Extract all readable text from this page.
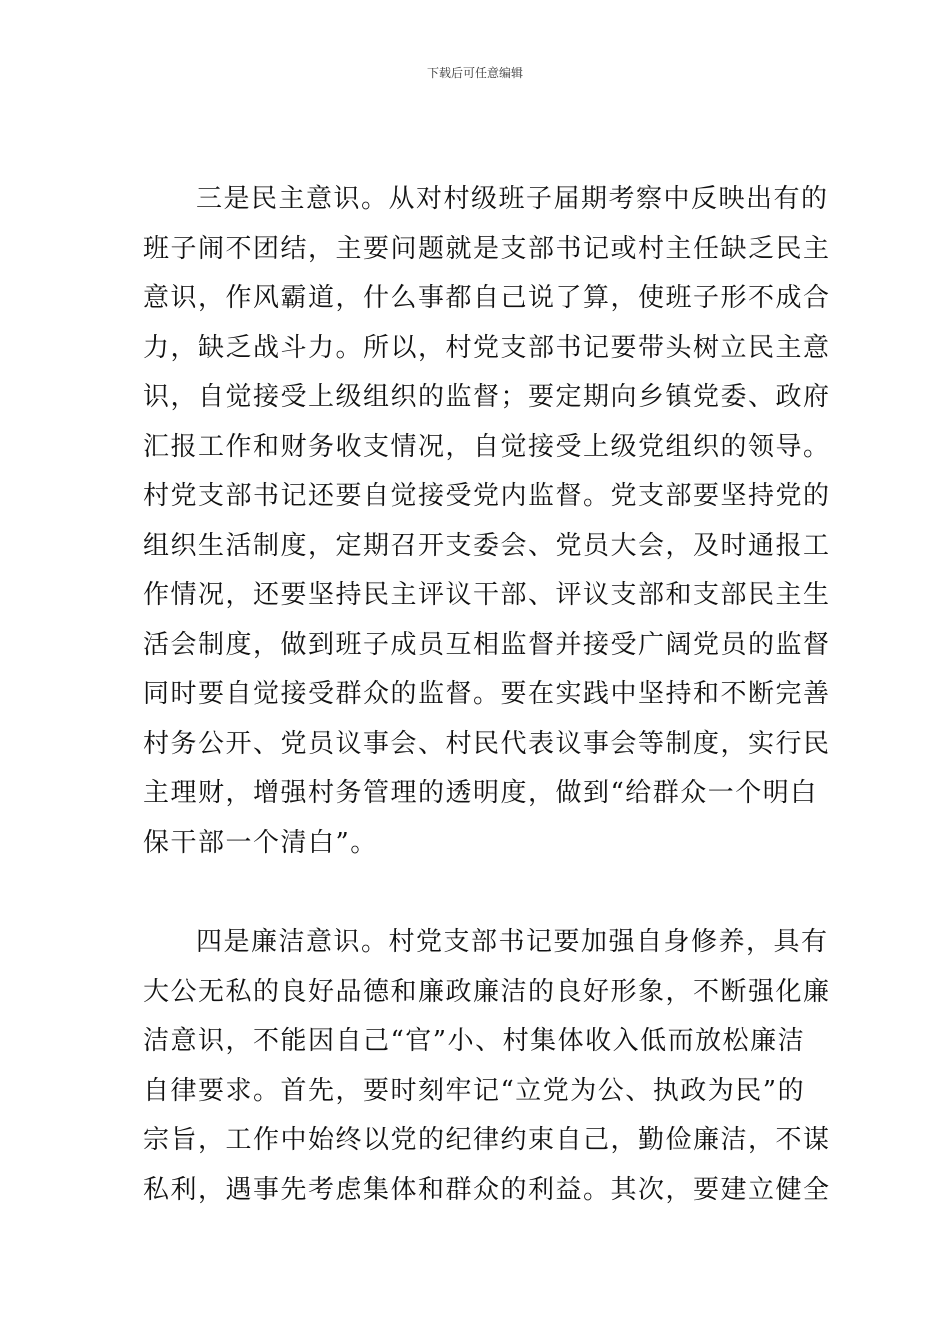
下载后可任意编辑

三是民主意识。从对村级班子届期考察中反映出有的
班子闹不团结，主要问题就是支部书记或村主任缺乏民主
意识，作风霸道，什么事都自己说了算，使班子形不成合
力，缺乏战斗力。所以，村党支部书记要带头树立民主意
识，自觉接受上级组织的监督；要定期向乡镇党委、政府
汇报工作和财务收支情况，自觉接受上级党组织的领导。
村党支部书记还要自觉接受党内监督。党支部要坚持党的
组织生活制度，定期召开支委会、党员大会，及时通报工
作情况，还要坚持民主评议干部、评议支部和支部民主生
活会制度，做到班子成员互相监督并接受广阔党员的监督
同时要自觉接受群众的监督。要在实践中坚持和不断完善
村务公开、党员议事会、村民代表议事会等制度，实行民
主理财，增强村务管理的透明度，做到“给群众一个明白
保干部一个清白”。

四是廉洁意识。村党支部书记要加强自身修养，具有
大公无私的良好品德和廉政廉洁的良好形象，不断强化廉
洁意识，不能因自己“官”小、村集体收入低而放松廉洁
自律要求。首先，要时刻牢记“立党为公、执政为民”的
宗旨，工作中始终以党的纪律约束自己，勤俭廉洁，不谋
私利，遇事先考虑集体和群众的利益。其次，要建立健全
